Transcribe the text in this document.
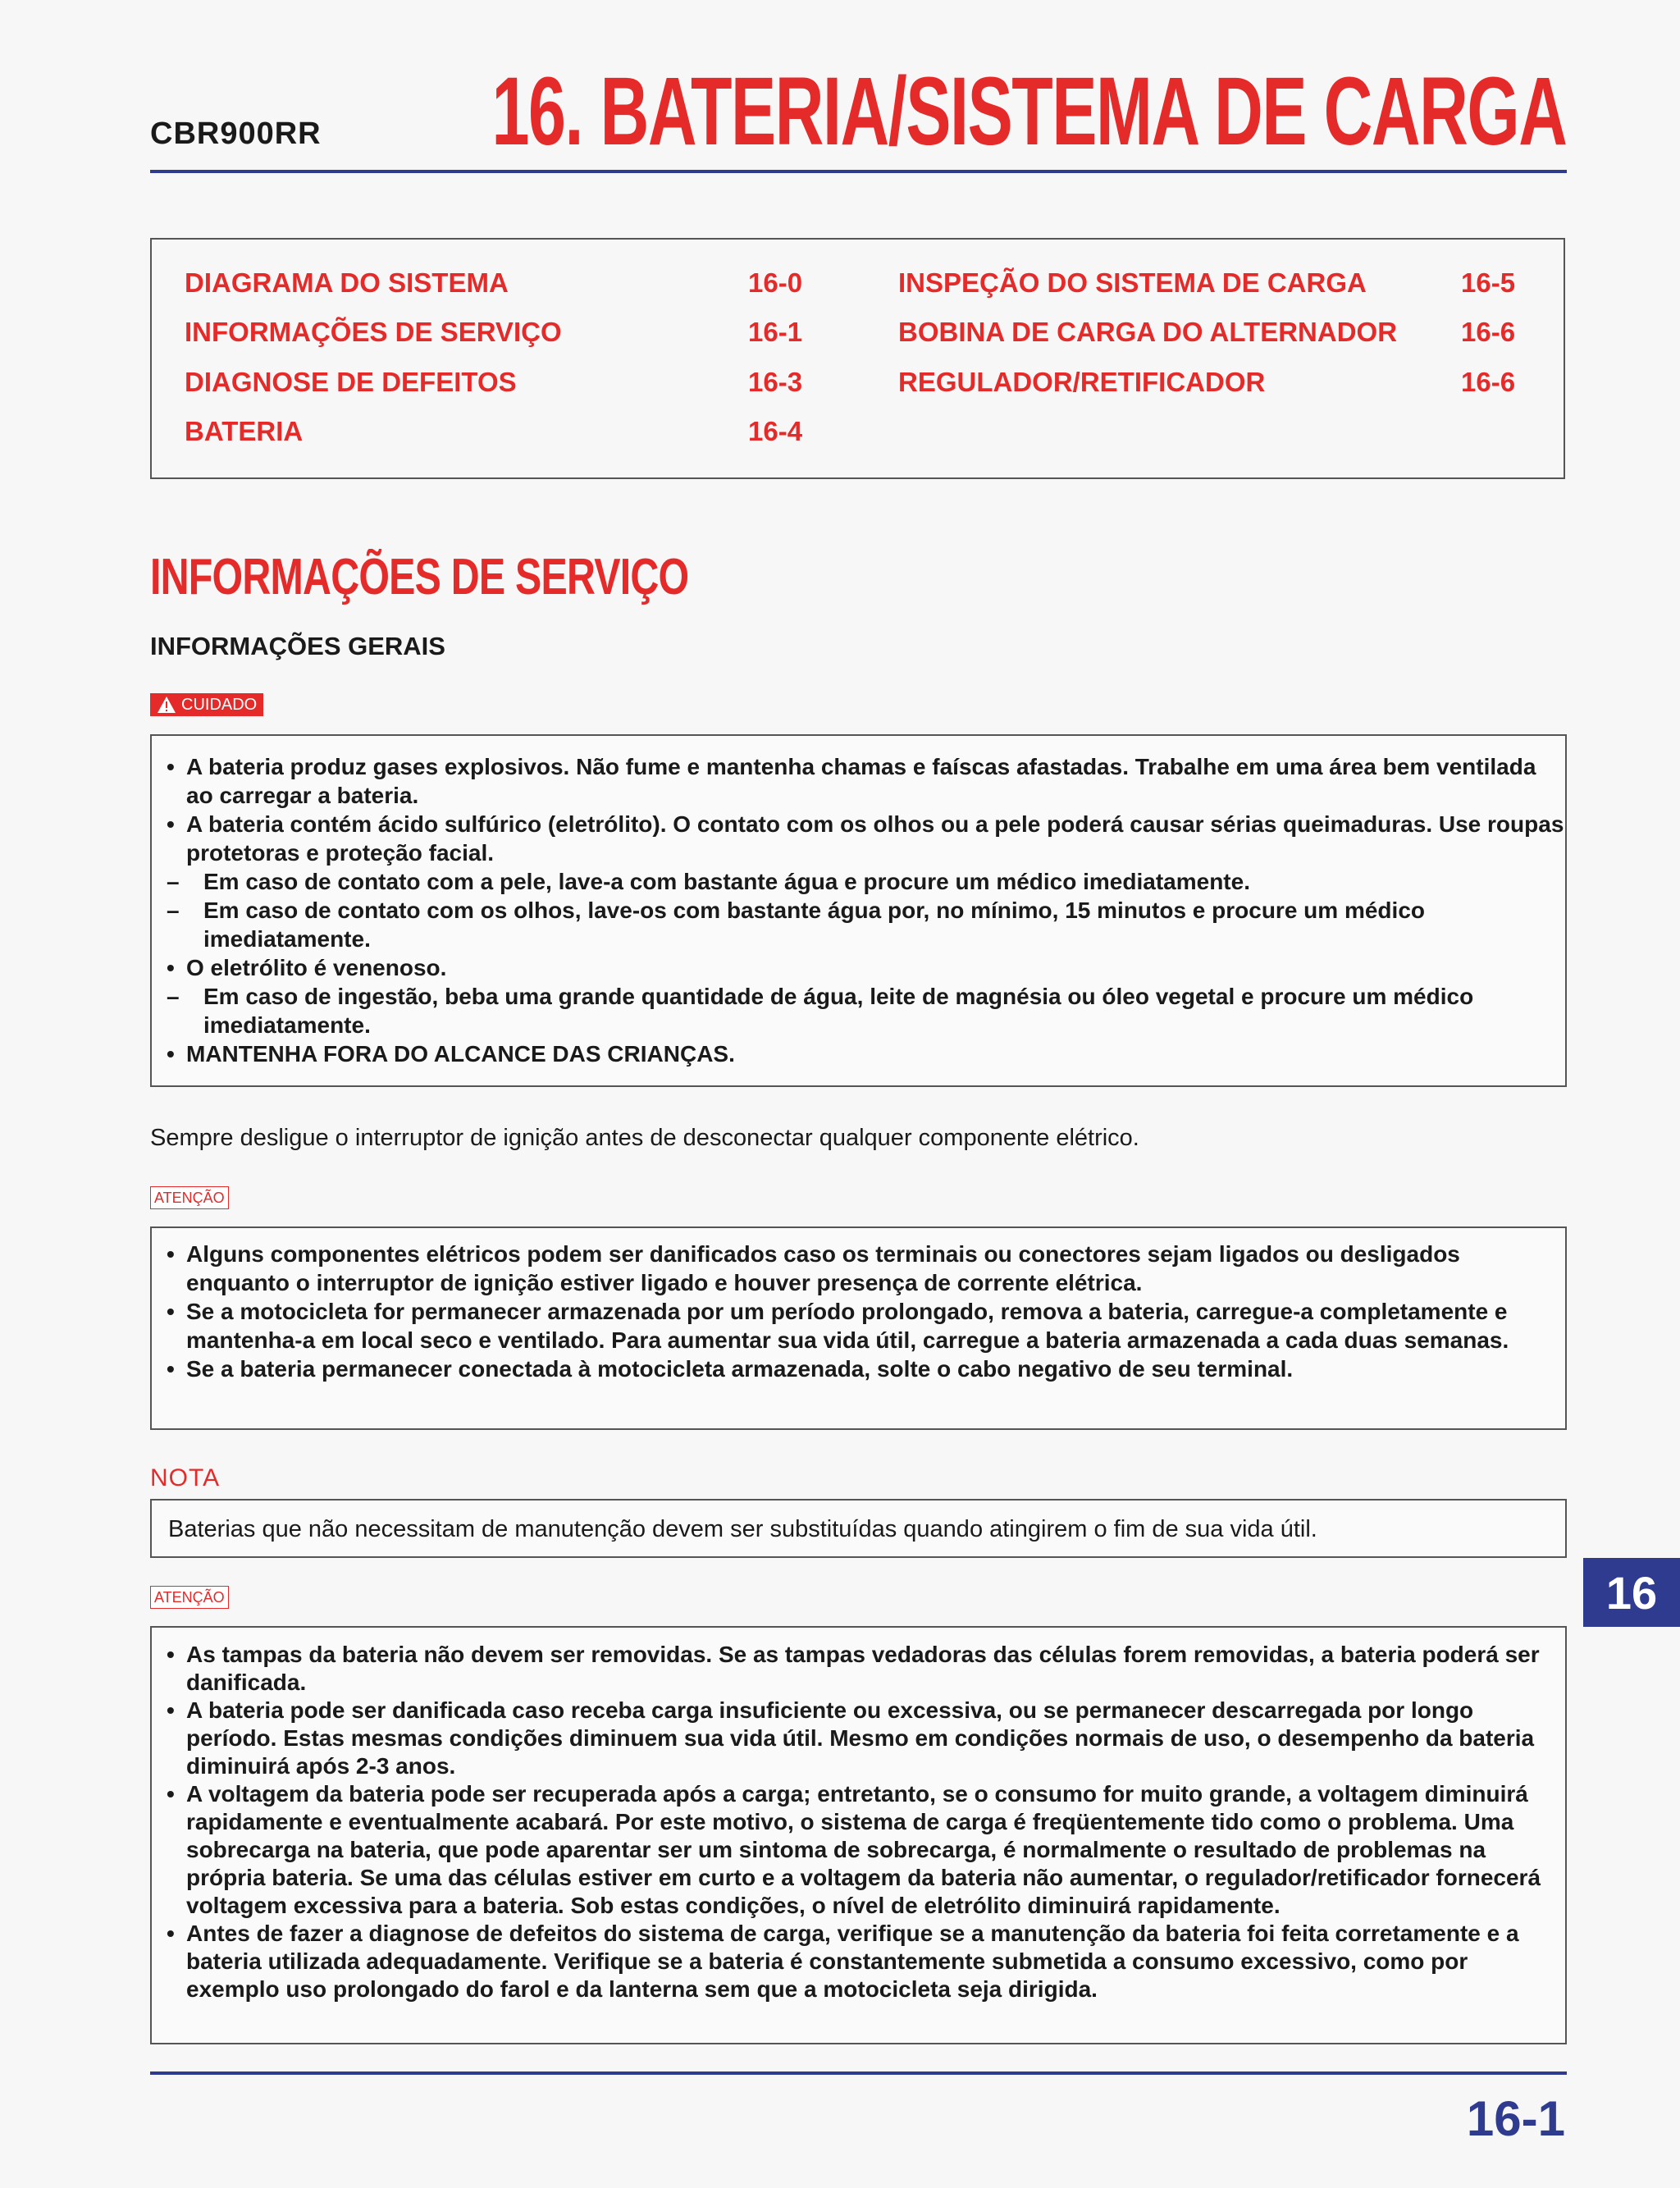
CBR900RR 16. BATERIA/SISTEMA DE CARGA
DIAGRAMA DO SISTEMA	16-0
INFORMAÇÕES DE SERVIÇO	16-1
DIAGNOSE DE DEFEITOS	16-3
BATERIA	16-4
INSPEÇÃO DO SISTEMA DE CARGA	16-5
BOBINA DE CARGA DO ALTERNADOR 16-6
REGULADOR/RETIFICADOR	16-6
INFORMAÇÕES DE SERVIÇO
INFORMAÇÕES GERAIS
CUIDADO
• A bateria produz gases explosivos. Não fume e mantenha chamas e faíscas afastadas. Trabalhe em uma área bem ventilada ao carregar a bateria.
• A bateria contém ácido sulfúrico (eletrólito). O contato com os olhos ou a pele poderá causar sérias queimaduras. Use roupas protetoras e proteção facial.
– Em caso de contato com a pele, lave-a com bastante água e procure um médico imediatamente.
– Em caso de contato com os olhos, lave-os com bastante água por, no mínimo, 15 minutos e procure um médico imediatamente.
• O eletrólito é venenoso.
– Em caso de ingestão, beba uma grande quantidade de água, leite de magnésia ou óleo vegetal e procure um médico imediatamente.
• MANTENHA FORA DO ALCANCE DAS CRIANÇAS.
Sempre desligue o interruptor de ignição antes de desconectar qualquer componente elétrico.
ATENÇÃO
• Alguns componentes elétricos podem ser danificados caso os terminais ou conectores sejam ligados ou desligados enquanto o interruptor de ignição estiver ligado e houver presença de corrente elétrica.
• Se a motocicleta for permanecer armazenada por um período prolongado, remova a bateria, carregue-a completamente e mantenha-a em local seco e ventilado. Para aumentar sua vida útil, carregue a bateria armazenada a cada duas semanas.
• Se a bateria permanecer conectada à motocicleta armazenada, solte o cabo negativo de seu terminal.
NOTA
Baterias que não necessitam de manutenção devem ser substituídas quando atingirem o fim de sua vida útil.
ATENÇÃO
• As tampas da bateria não devem ser removidas. Se as tampas vedadoras das células forem removidas, a bateria poderá ser danificada.
• A bateria pode ser danificada caso receba carga insuficiente ou excessiva, ou se permanecer descarregada por longo período. Estas mesmas condições diminuem sua vida útil. Mesmo em condições normais de uso, o desempenho da bateria diminuirá após 2-3 anos.
• A voltagem da bateria pode ser recuperada após a carga; entretanto, se o consumo for muito grande, a voltagem diminuirá rapidamente e eventualmente acabará. Por este motivo, o sistema de carga é freqüentemente tido como o problema. Uma sobrecarga na bateria, que pode aparentar ser um sintoma de sobrecarga, é normalmente o resultado de problemas na própria bateria. Se uma das células estiver em curto e a voltagem da bateria não aumentar, o regulador/retificador fornecerá voltagem excessiva para a bateria. Sob estas condições, o nível de eletrólito diminuirá rapidamente.
• Antes de fazer a diagnose de defeitos do sistema de carga, verifique se a manutenção da bateria foi feita corretamente e a bateria utilizada adequadamente. Verifique se a bateria é constantemente submetida a consumo excessivo, como por exemplo uso prolongado do farol e da lanterna sem que a motocicleta seja dirigida.
16
16-1
